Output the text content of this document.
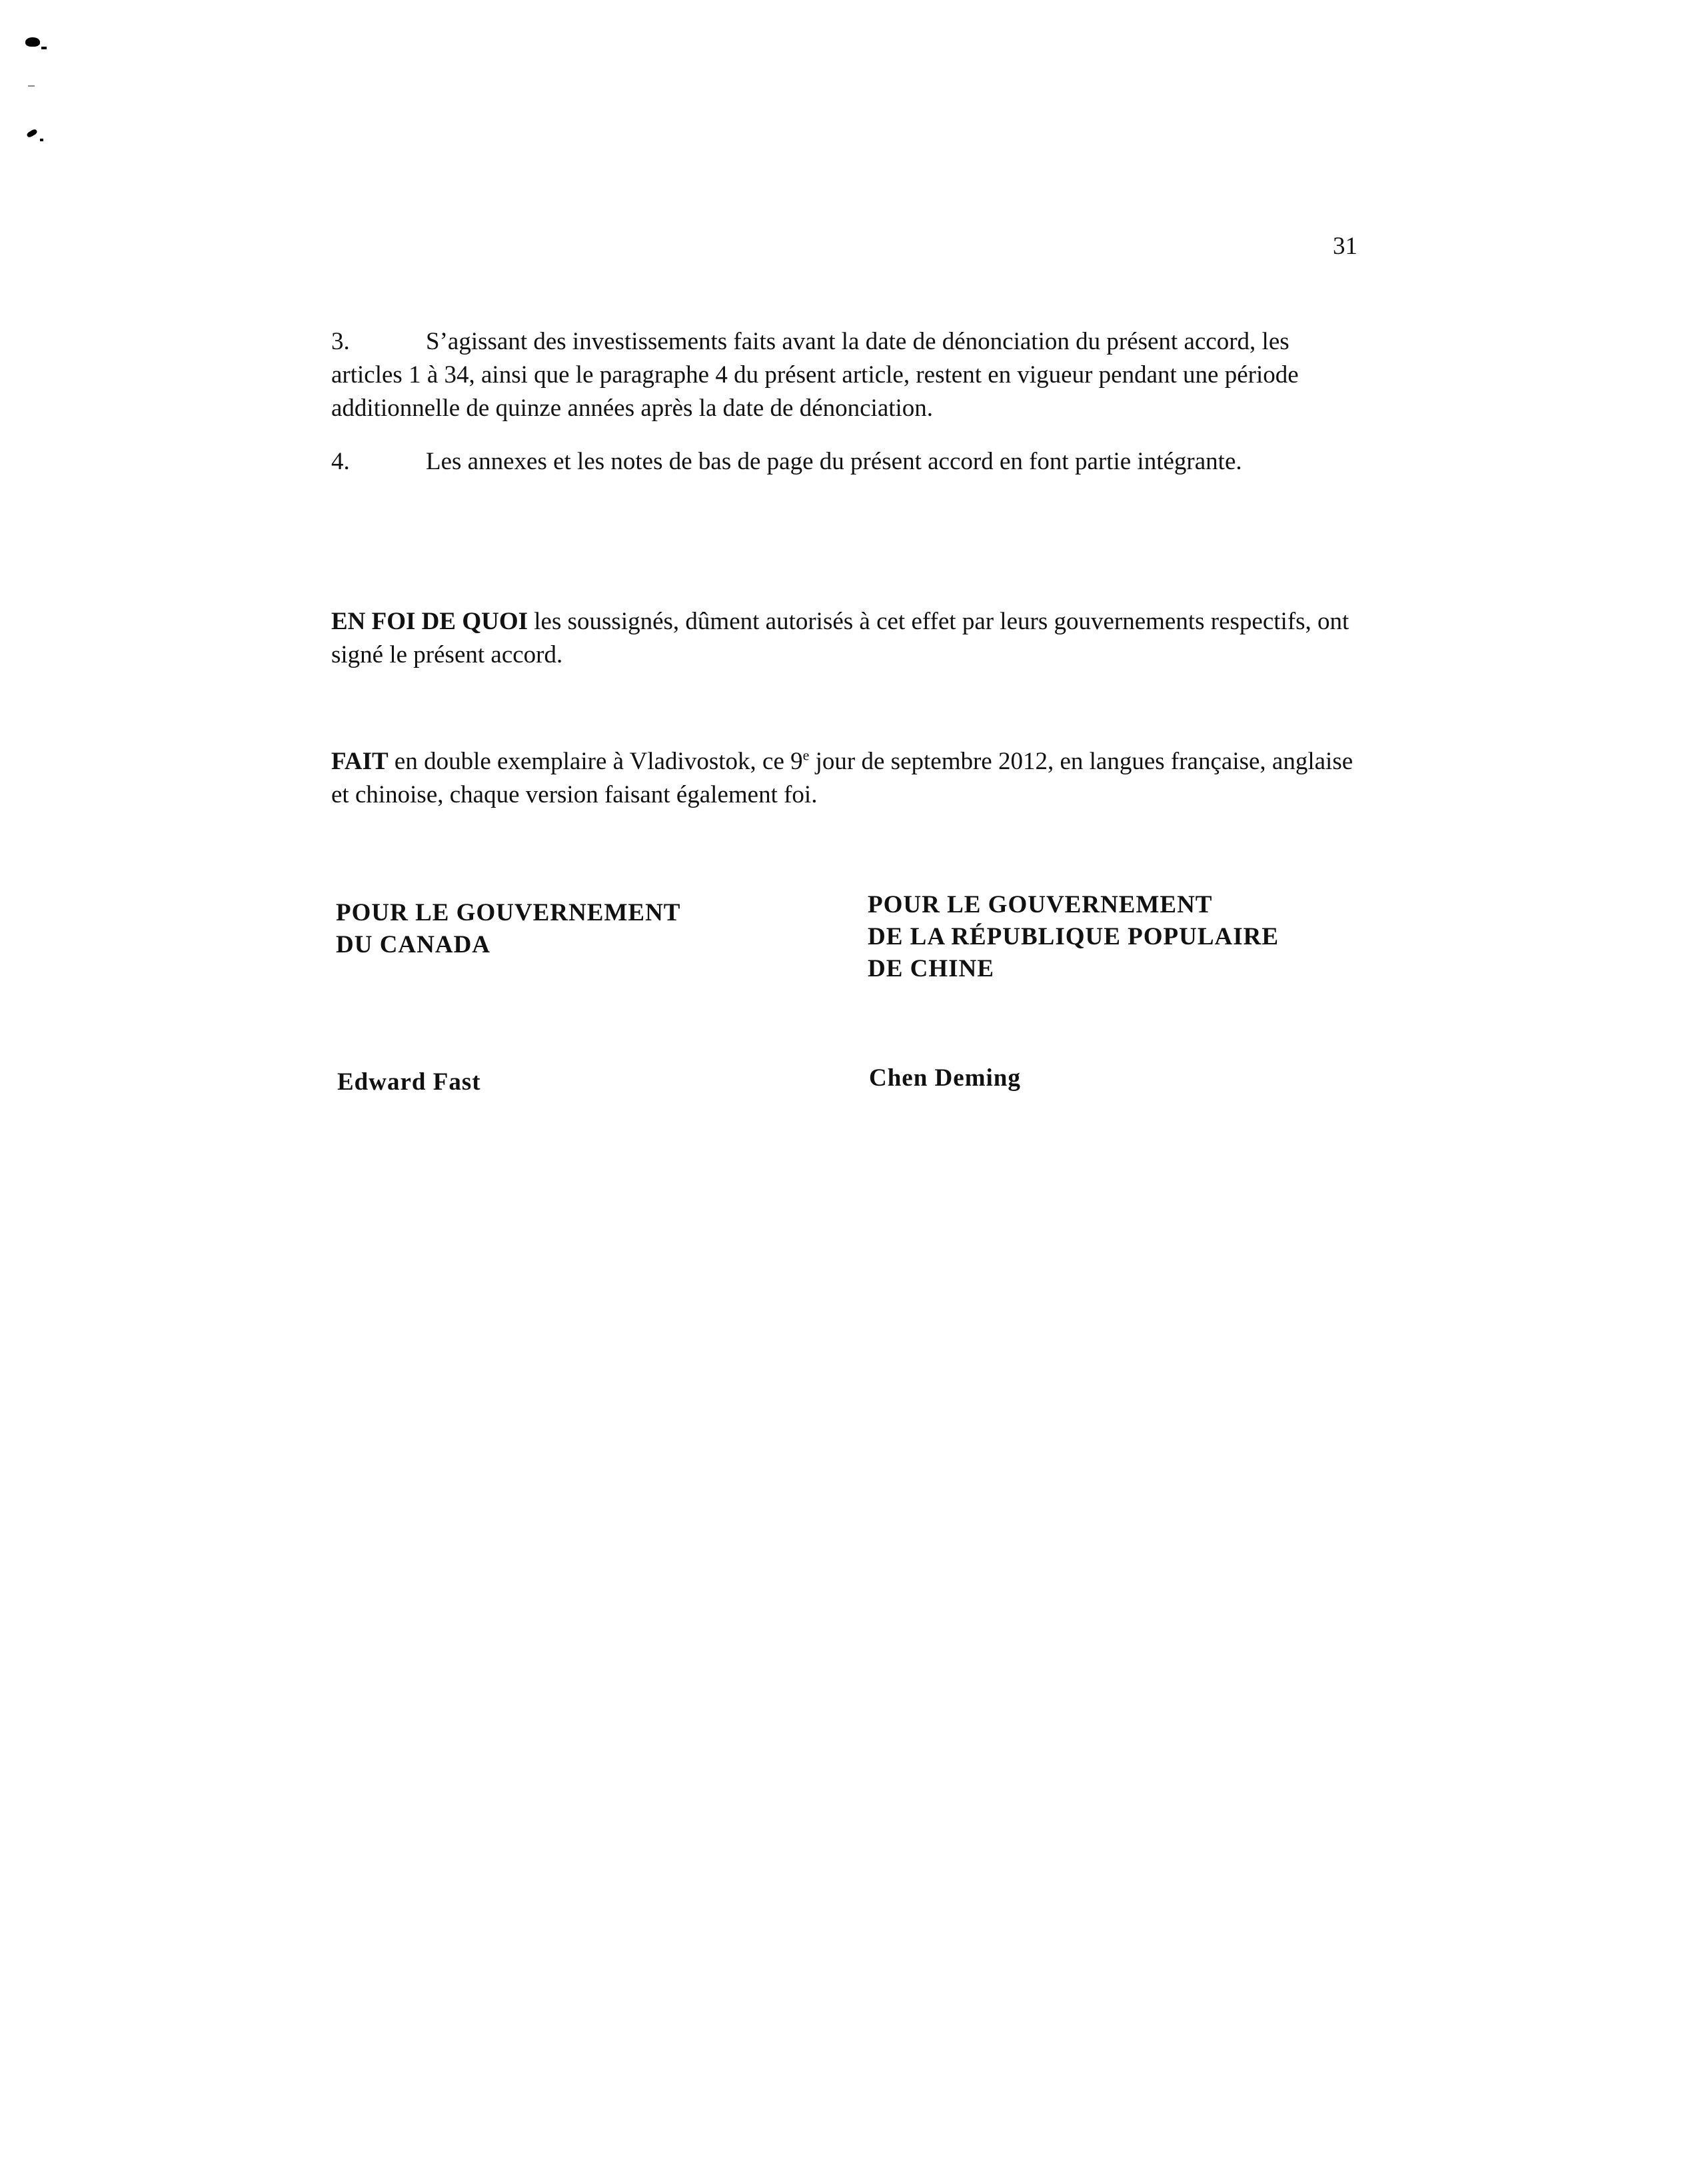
31
3.	S’agissant des investissements faits avant la date de dénonciation du présent accord, les articles 1 à 34, ainsi que le paragraphe 4 du présent article, restent en vigueur pendant une période additionnelle de quinze années après la date de dénonciation.
4.	Les annexes et les notes de bas de page du présent accord en font partie intégrante.
EN FOI DE QUOI les soussignés, dûment autorisés à cet effet par leurs gouvernements respectifs, ont signé le présent accord.
FAIT en double exemplaire à Vladivostok, ce 9e jour de septembre 2012, en langues française, anglaise et chinoise, chaque version faisant également foi.
POUR LE GOUVERNEMENT
DU CANADA
POUR LE GOUVERNEMENT
DE LA RÉPUBLIQUE POPULAIRE
DE CHINE
Edward Fast	Chen Deming
